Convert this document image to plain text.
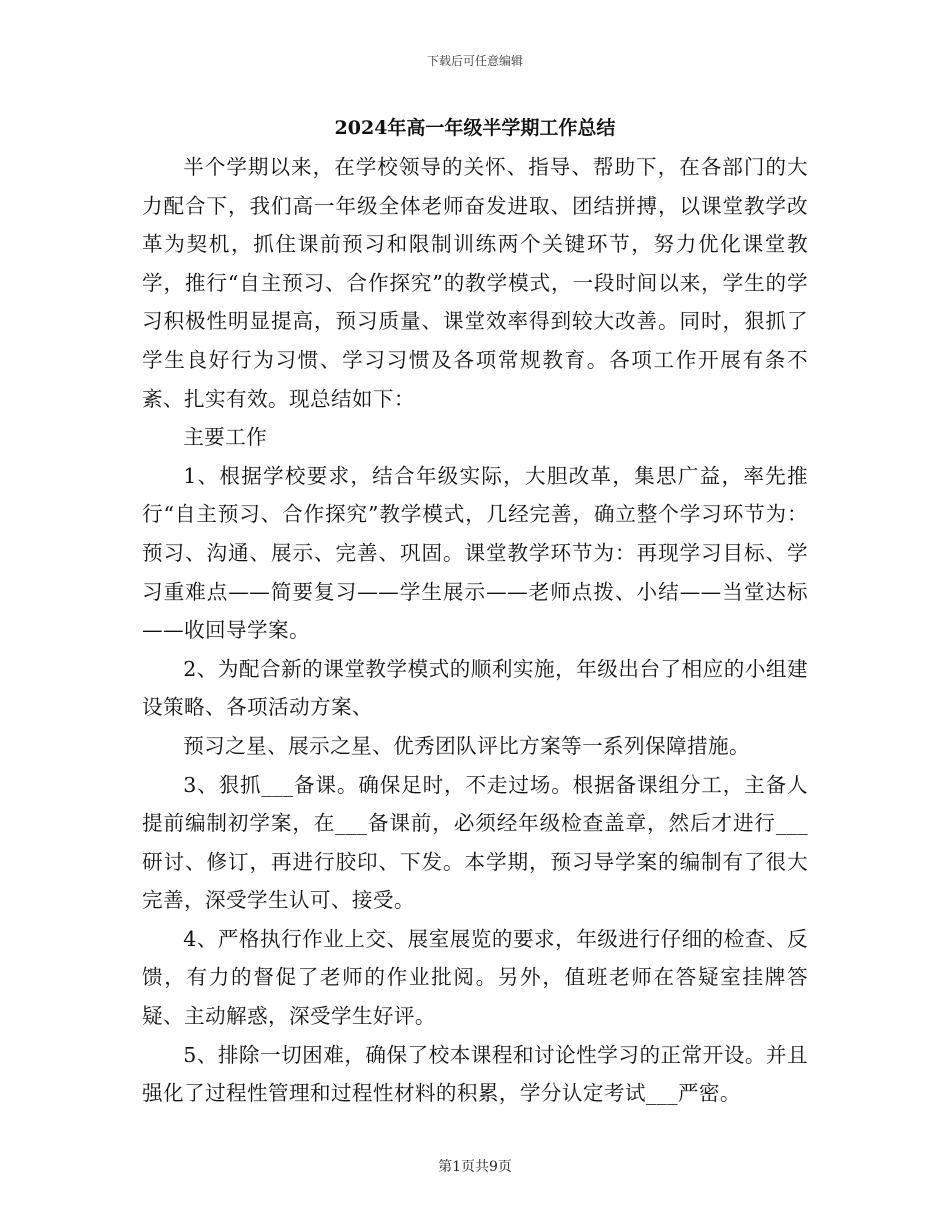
下载后可任意编辑
2024年高一年级半学期工作总结

半个学期以来，在学校领导的关怀、指导、帮助下，在各部门的大力配合下，我们高一年级全体老师奋发进取、团结拼搏，以课堂教学改革为契机，抓住课前预习和限制训练两个关键环节，努力优化课堂教学，推行“自主预习、合作探究”的教学模式，一段时间以来，学生的学习积极性明显提高，预习质量、课堂效率得到较大改善。同时，狠抓了学生良好行为习惯、学习习惯及各项常规教育。各项工作开展有条不紊、扎实有效。现总结如下：

主要工作

1、根据学校要求，结合年级实际，大胆改革，集思广益，率先推行“自主预习、合作探究”教学模式，几经完善，确立整个学习环节为：预习、沟通、展示、完善、巩固。课堂教学环节为：再现学习目标、学习重难点——简要复习——学生展示——老师点拨、小结——当堂达标——收回导学案。

2、为配合新的课堂教学模式的顺利实施，年级出台了相应的小组建设策略、各项活动方案、

预习之星、展示之星、优秀团队评比方案等一系列保障措施。

3、狠抓___备课。确保足时，不走过场。根据备课组分工，主备人提前编制初学案，在___备课前，必须经年级检查盖章，然后才进行___研讨、修订，再进行胶印、下发。本学期，预习导学案的编制有了很大完善，深受学生认可、接受。

4、严格执行作业上交、展室展览的要求，年级进行仔细的检查、反馈，有力的督促了老师的作业批阅。另外，值班老师在答疑室挂牌答疑、主动解惑，深受学生好评。

5、排除一切困难，确保了校本课程和讨论性学习的正常开设。并且强化了过程性管理和过程性材料的积累，学分认定考试___严密。

第1页共9页
